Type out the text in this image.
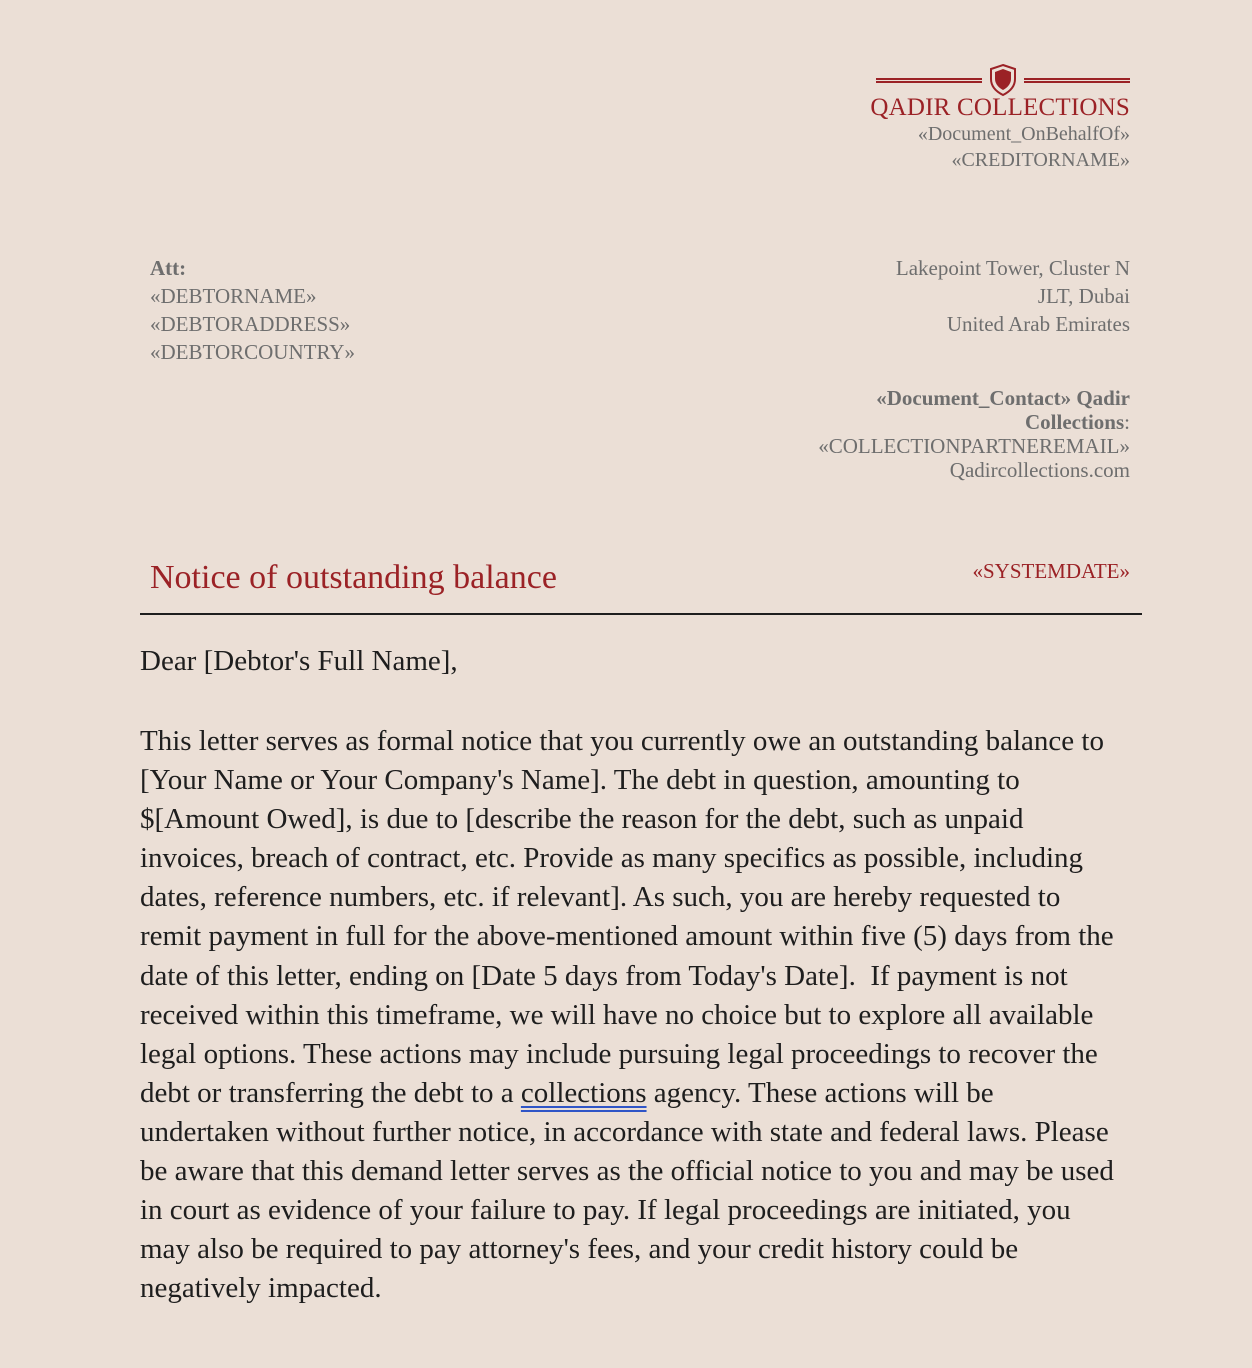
QADIR COLLECTIONS
«Document_OnBehalfOf»
«CREDITORNAME»
Att:
«DEBTORNAME»
«DEBTORADDRESS»
«DEBTORCOUNTRY»
Lakepoint Tower, Cluster N
JLT, Dubai
United Arab Emirates
«Document_Contact» Qadir Collections:
«COLLECTIONPARTNEREMAIL»
Qadircollections.com
Notice of outstanding balance	«SYSTEMDATE»

Dear [Debtor's Full Name],

This letter serves as formal notice that you currently owe an outstanding balance to [Your Name or Your Company's Name]. The debt in question, amounting to $[Amount Owed], is due to [describe the reason for the debt, such as unpaid invoices, breach of contract, etc. Provide as many specifics as possible, including dates, reference numbers, etc. if relevant]. As such, you are hereby requested to remit payment in full for the above-mentioned amount within five (5) days from the date of this letter, ending on [Date 5 days from Today's Date].  If payment is not received within this timeframe, we will have no choice but to explore all available legal options. These actions may include pursuing legal proceedings to recover the debt or transferring the debt to a collections agency. These actions will be undertaken without further notice, in accordance with state and federal laws. Please be aware that this demand letter serves as the official notice to you and may be used in court as evidence of your failure to pay. If legal proceedings are initiated, you may also be required to pay attorney's fees, and your credit history could be negatively impacted.
